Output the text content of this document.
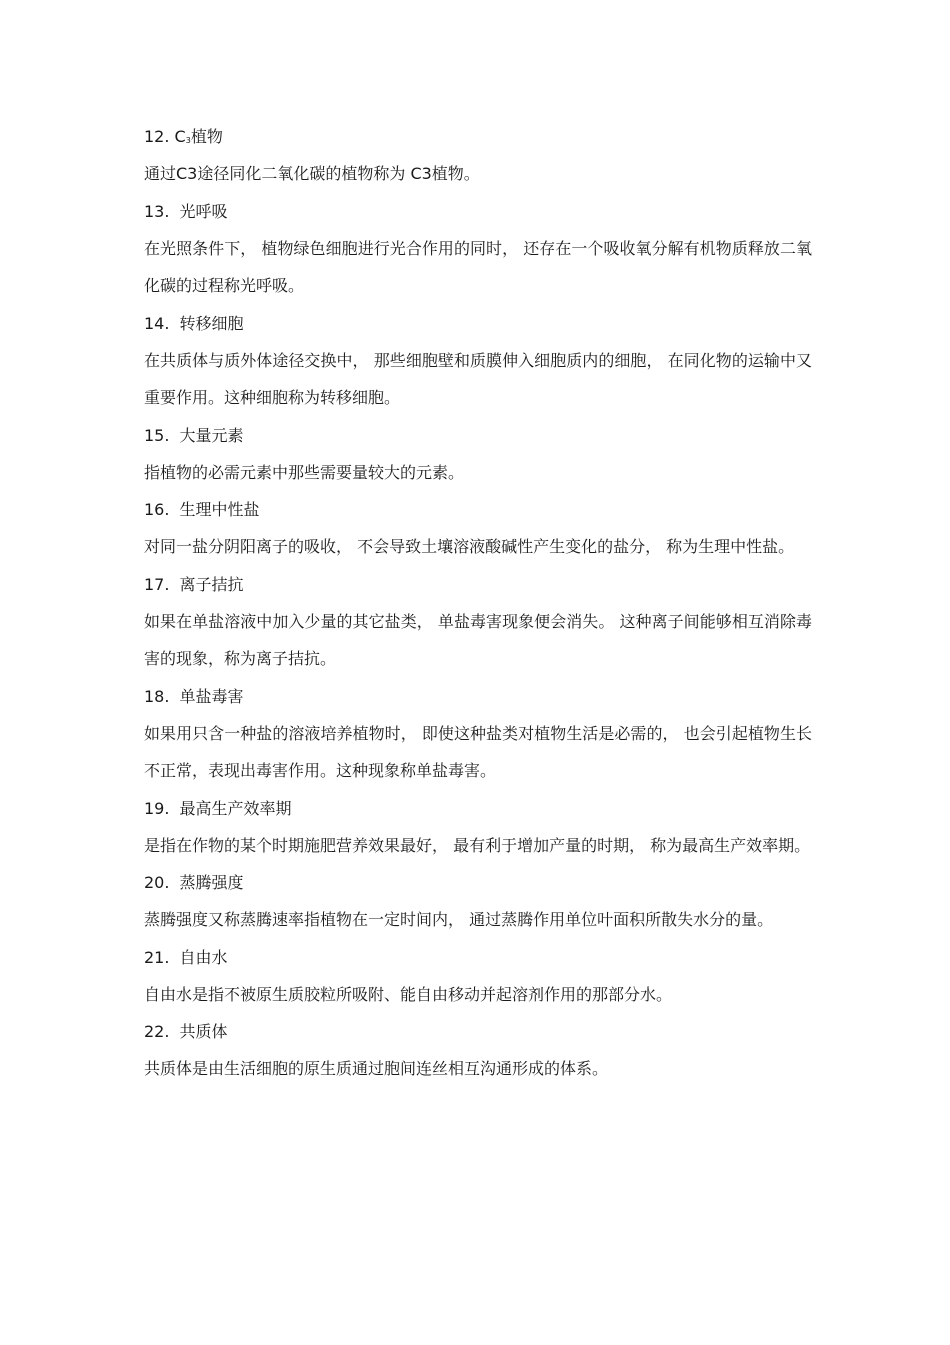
12. C3植物
通过C3途径同化二氧化碳的植物称为 C3植物。
13. 光呼吸
在光照条件下， 植物绿色细胞进行光合作用的同时， 还存在一个吸收氧分解有机物质释放二氧化碳的过程称光呼吸。
14. 转移细胞
在共质体与质外体途径交换中， 那些细胞壁和质膜伸入细胞质内的细胞， 在同化物的运输中又重要作用。这种细胞称为转移细胞。
15. 大量元素
指植物的必需元素中那些需要量较大的元素。
16. 生理中性盐
对同一盐分阴阳离子的吸收， 不会导致土壤溶液酸碱性产生变化的盐分， 称为生理中性盐。
17. 离子拮抗
如果在单盐溶液中加入少量的其它盐类， 单盐毒害现象便会消失。 这种离子间能够相互消除毒害的现象，称为离子拮抗。
18. 单盐毒害
如果用只含一种盐的溶液培养植物时， 即使这种盐类对植物生活是必需的， 也会引起植物生长不正常，表现出毒害作用。这种现象称单盐毒害。
19. 最高生产效率期
是指在作物的某个时期施肥营养效果最好， 最有利于增加产量的时期， 称为最高生产效率期。
20. 蒸腾强度
蒸腾强度又称蒸腾速率指植物在一定时间内， 通过蒸腾作用单位叶面积所散失水分的量。
21. 自由水
自由水是指不被原生质胶粒所吸附、能自由移动并起溶剂作用的那部分水。
22. 共质体
共质体是由生活细胞的原生质通过胞间连丝相互沟通形成的体系。
